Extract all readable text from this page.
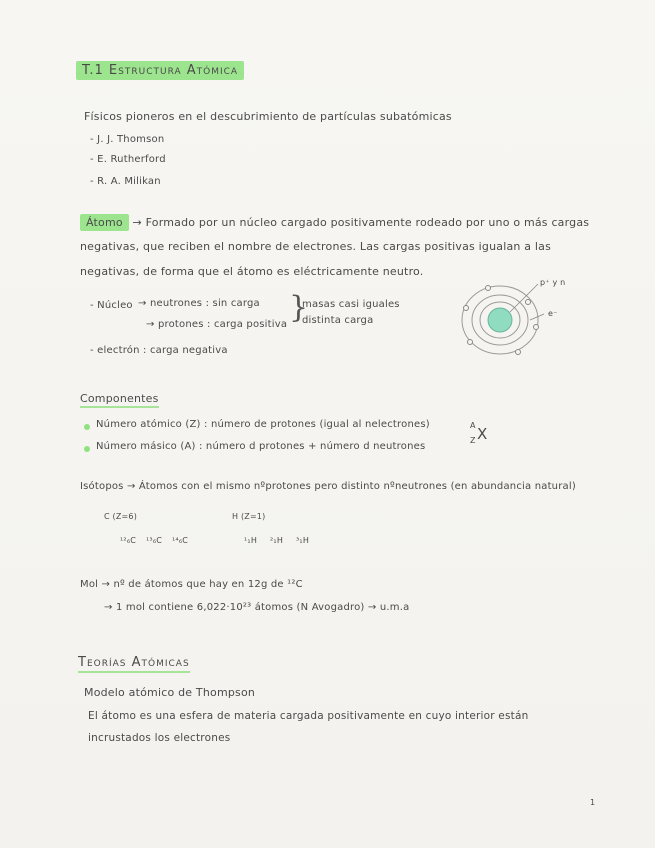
T.1 Estructura Atómica
Físicos pioneros en el descubrimiento de partículas subatómicas
- J. J. Thomson
- E. Rutherford
- R. A. Milikan
Átomo → Formado por un núcleo cargado positivamente rodeado por uno o más cargas
negativas, que reciben el nombre de electrones. Las cargas positivas igualan a las
negativas, de forma que el átomo es eléctricamente neutro.
- Núcleo → neutrones : sin carga
→ protones : carga positiva }
masas casi iguales
distinta carga
- electrón : carga negativa
p⁺ y n
e⁻
Componentes
Número atómico (Z) : número de protones (igual al nelectrones)
Número másico (A) : número d protones + número d neutrones
A
Z X
Isótopos → Átomos con el mismo nºprotones pero distinto nºneutrones (en abundancia natural)
C (Z=6)	H (Z=1)
¹²₆C ¹³₆C ¹⁴₆C	¹₁H ²₁H ³₁H
Mol → nº de átomos que hay en 12g de ¹²C
→ 1 mol contiene 6,022·10²³ átomos (N Avogadro) → u.m.a
Teorías Atómicas
Modelo atómico de Thompson
El átomo es una esfera de materia cargada positivamente en cuyo interior están
incrustados los electrones
1
